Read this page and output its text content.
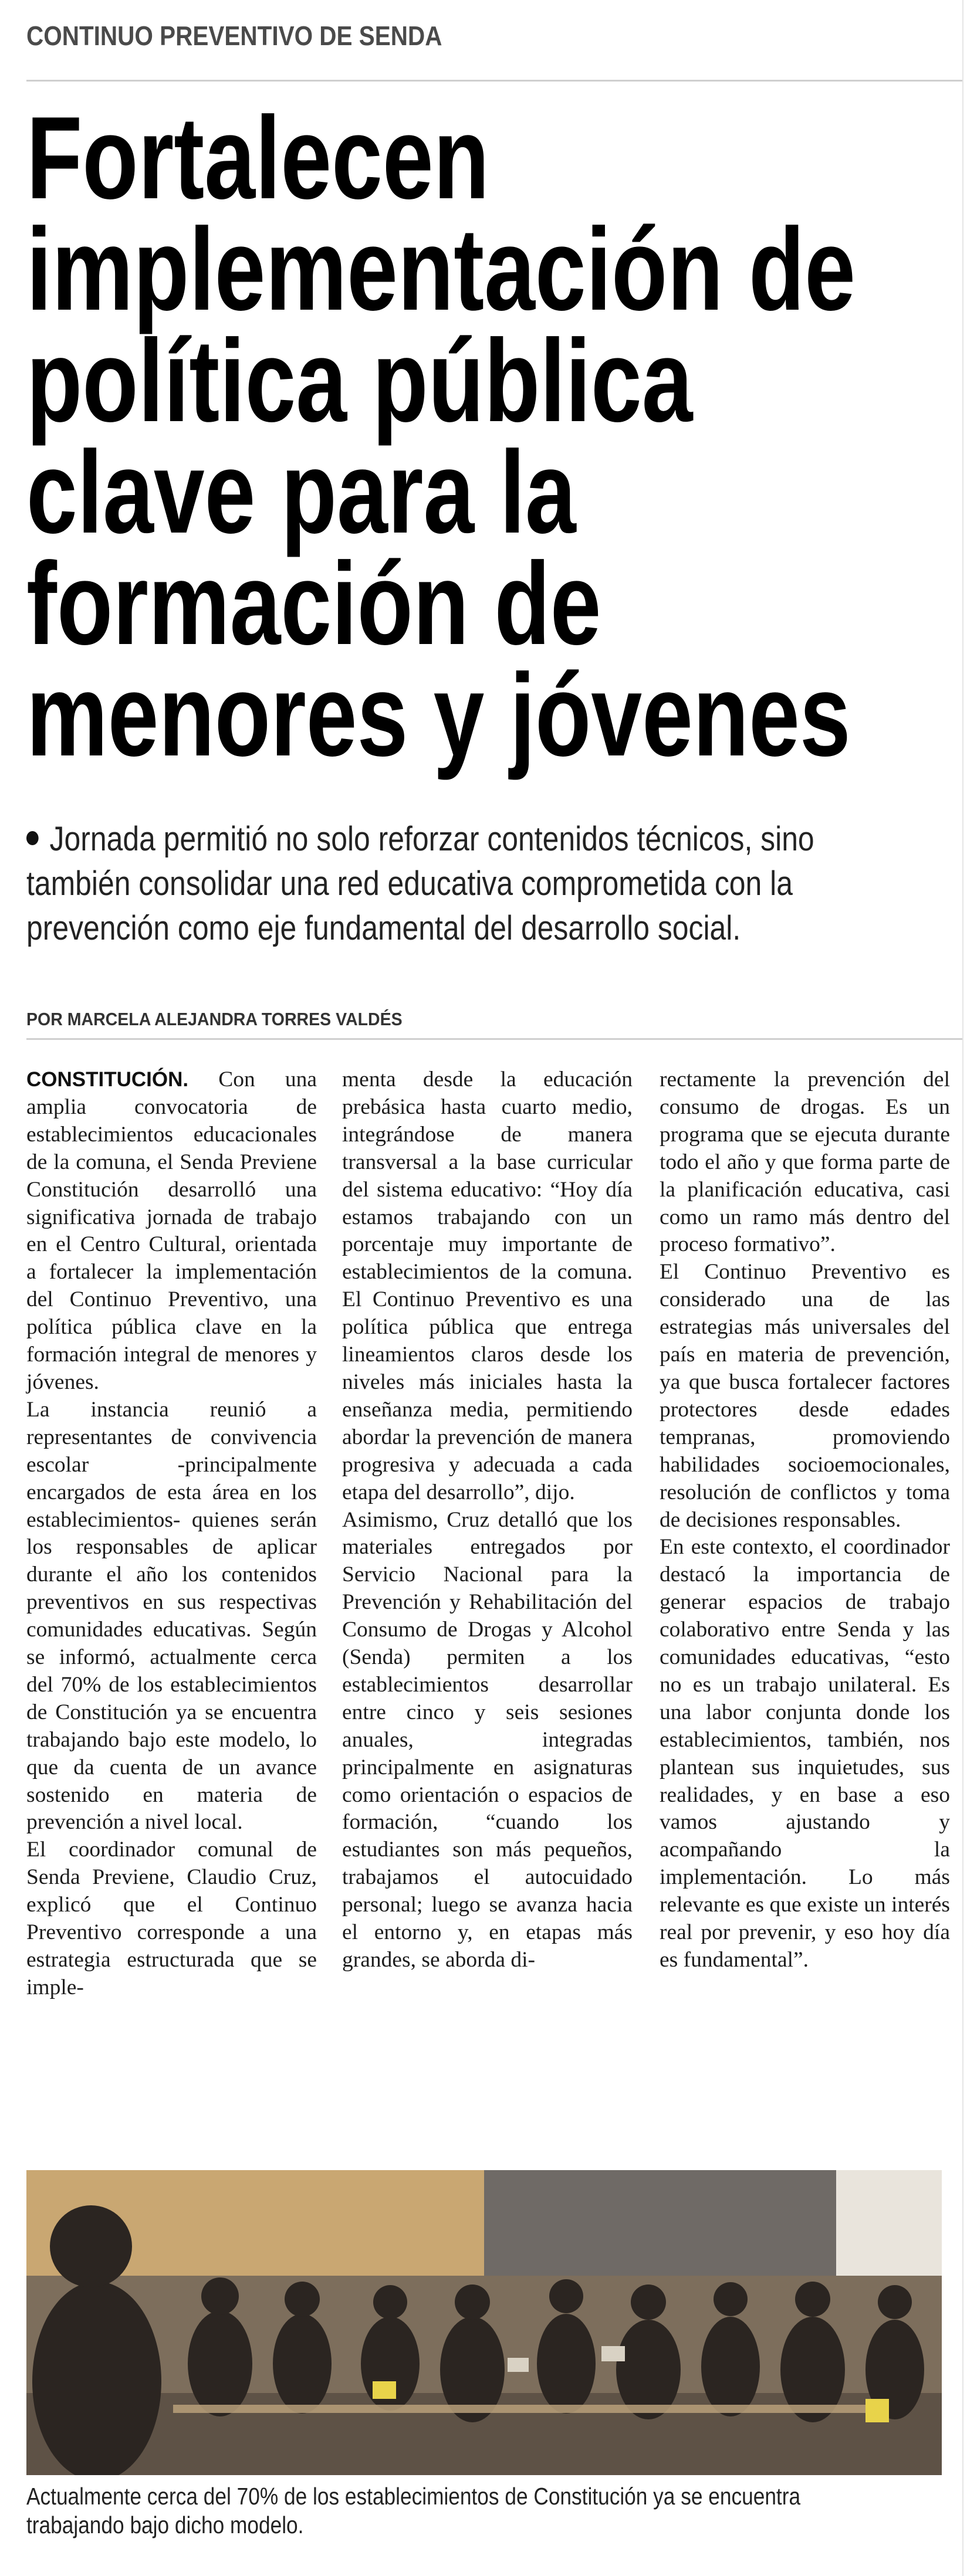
CONTINUO PREVENTIVO DE SENDA
Fortalecen
implementación de
política pública
clave para la
formación de
menores y jóvenes
Jornada permitió no solo reforzar contenidos técnicos, sino
también consolidar una red educativa comprometida con la
prevención como eje fundamental del desarrollo social.
POR MARCELA ALEJANDRA TORRES VALDÉS

CONSTITUCIÓN. Con una amplia convocatoria de establecimientos educacionales de la comuna, el Senda Previene Constitución desarrolló una significativa jornada de trabajo en el Centro Cultural, orientada a fortalecer la implementación del Continuo Preventivo, una política pública clave en la formación integral de menores y jóvenes.

La instancia reunió a representantes de convivencia escolar -principalmente encargados de esta área en los establecimientos- quienes serán los responsables de aplicar durante el año los contenidos preventivos en sus respectivas comunidades educativas. Según se informó, actualmente cerca del 70% de los establecimientos de Constitución ya se encuentra trabajando bajo este modelo, lo que da cuenta de un avance sostenido en materia de prevención a nivel local.

El coordinador comunal de Senda Previene, Claudio Cruz, explicó que el Continuo Preventivo corresponde a una estrategia estructurada que se imple-

menta desde la educación prebásica hasta cuarto medio, integrándose de manera transversal a la base curricular del sistema educativo: “Hoy día estamos trabajando con un porcentaje muy importante de establecimientos de la comuna. El Continuo Preventivo es una política pública que entrega lineamientos claros desde los niveles más iniciales hasta la enseñanza media, permitiendo abordar la prevención de manera progresiva y adecuada a cada etapa del desarrollo”, dijo.

Asimismo, Cruz detalló que los materiales entregados por Servicio Nacional para la Prevención y Rehabilitación del Consumo de Drogas y Alcohol (Senda) permiten a los establecimientos desarrollar entre cinco y seis sesiones anuales, integradas principalmente en asignaturas como orientación o espacios de formación, “cuando los estudiantes son más pequeños, trabajamos el autocuidado personal; luego se avanza hacia el entorno y, en etapas más grandes, se aborda di-

rectamente la prevención del consumo de drogas. Es un programa que se ejecuta durante todo el año y que forma parte de la planificación educativa, casi como un ramo más dentro del proceso formativo”.

El Continuo Preventivo es considerado una de las estrategias más universales del país en materia de prevención, ya que busca fortalecer factores protectores desde edades tempranas, promoviendo habilidades socioemocionales, resolución de conflictos y toma de decisiones responsables.

En este contexto, el coordinador destacó la importancia de generar espacios de trabajo colaborativo entre Senda y las comunidades educativas, “esto no es un trabajo unilateral. Es una labor conjunta donde los establecimientos, también, nos plantean sus inquietudes, sus realidades, y en base a eso vamos ajustando y acompañando la implementación. Lo más relevante es que existe un interés real por prevenir, y eso hoy día es fundamental”.

Actualmente cerca del 70% de los establecimientos de Constitución ya se encuentra
trabajando bajo dicho modelo.
